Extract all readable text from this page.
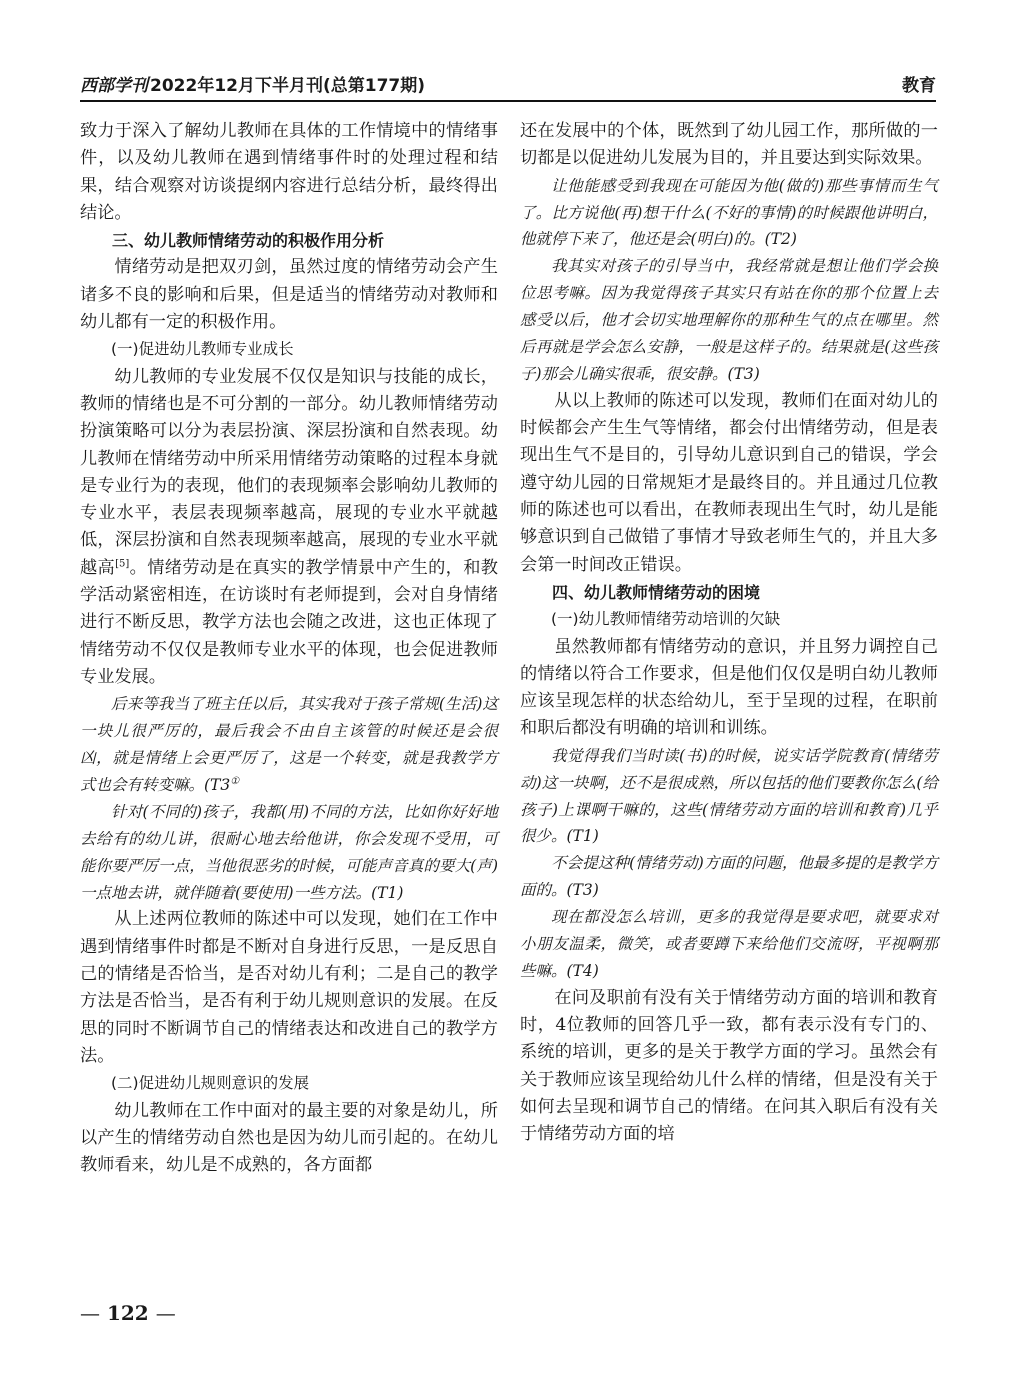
西部学刊 2022年12月下半月刊(总第177期)	教育

致力于深入了解幼儿教师在具体的工作情境中的情绪事件，以及幼儿教师在遇到情绪事件时的处理过程和结果，结合观察对访谈提纲内容进行总结分析，最终得出结论。

三、幼儿教师情绪劳动的积极作用分析

情绪劳动是把双刃剑，虽然过度的情绪劳动会产生诸多不良的影响和后果，但是适当的情绪劳动对教师和幼儿都有一定的积极作用。

(一)促进幼儿教师专业成长

幼儿教师的专业发展不仅仅是知识与技能的成长，教师的情绪也是不可分割的一部分。幼儿教师情绪劳动扮演策略可以分为表层扮演、深层扮演和自然表现。幼儿教师在情绪劳动中所采用情绪劳动策略的过程本身就是专业行为的表现，他们的表现频率会影响幼儿教师的专业水平，表层表现频率越高，展现的专业水平就越低，深层扮演和自然表现频率越高，展现的专业水平就越高[5]。情绪劳动是在真实的教学情景中产生的，和教学活动紧密相连，在访谈时有老师提到，会对自身情绪进行不断反思，教学方法也会随之改进，这也正体现了情绪劳动不仅仅是教师专业水平的体现，也会促进教师专业发展。

后来等我当了班主任以后，其实我对于孩子常规(生活)这一块儿很严厉的，最后我会不由自主该管的时候还是会很凶，就是情绪上会更严厉了，这是一个转变，就是我教学方式也会有转变嘛。(T3①

针对(不同的)孩子，我都(用)不同的方法，比如你好好地去给有的幼儿讲，很耐心地去给他讲，你会发现不受用，可能你要严厉一点，当他很恶劣的时候，可能声音真的要大(声)一点地去讲，就伴随着(要使用)一些方法。(T1)

从上述两位教师的陈述中可以发现，她们在工作中遇到情绪事件时都是不断对自身进行反思，一是反思自己的情绪是否恰当，是否对幼儿有利；二是自己的教学方法是否恰当，是否有利于幼儿规则意识的发展。在反思的同时不断调节自己的情绪表达和改进自己的教学方法。

(二)促进幼儿规则意识的发展

幼儿教师在工作中面对的最主要的对象是幼儿，所以产生的情绪劳动自然也是因为幼儿而引起的。在幼儿教师看来，幼儿是不成熟的，各方面都

还在发展中的个体，既然到了幼儿园工作，那所做的一切都是以促进幼儿发展为目的，并且要达到实际效果。

让他能感受到我现在可能因为他(做的)那些事情而生气了。比方说他(再)想干什么(不好的事情)的时候跟他讲明白，他就停下来了，他还是会(明白)的。(T2)

我其实对孩子的引导当中，我经常就是想让他们学会换位思考嘛。因为我觉得孩子其实只有站在你的那个位置上去感受以后，他才会切实地理解你的那种生气的点在哪里。然后再就是学会怎么安静，一般是这样子的。结果就是(这些孩子)那会儿确实很乖，很安静。(T3)

从以上教师的陈述可以发现，教师们在面对幼儿的时候都会产生生气等情绪，都会付出情绪劳动，但是表现出生气不是目的，引导幼儿意识到自己的错误，学会遵守幼儿园的日常规矩才是最终目的。并且通过几位教师的陈述也可以看出，在教师表现出生气时，幼儿是能够意识到自己做错了事情才导致老师生气的，并且大多会第一时间改正错误。

四、幼儿教师情绪劳动的困境

(一)幼儿教师情绪劳动培训的欠缺

虽然教师都有情绪劳动的意识，并且努力调控自己的情绪以符合工作要求，但是他们仅仅是明白幼儿教师应该呈现怎样的状态给幼儿，至于呈现的过程，在职前和职后都没有明确的培训和训练。

我觉得我们当时读(书)的时候，说实话学院教育(情绪劳动)这一块啊，还不是很成熟，所以包括的他们要教你怎么(给孩子)上课啊干嘛的，这些(情绪劳动方面的培训和教育)几乎很少。(T1)

不会提这种(情绪劳动)方面的问题，他最多提的是教学方面的。(T3)

现在都没怎么培训，更多的我觉得是要求吧，就要求对小朋友温柔，微笑，或者要蹲下来给他们交流呀，平视啊那些嘛。(T4)

在问及职前有没有关于情绪劳动方面的培训和教育时，4位教师的回答几乎一致，都有表示没有专门的、系统的培训，更多的是关于教学方面的学习。虽然会有关于教师应该呈现给幼儿什么样的情绪，但是没有关于如何去呈现和调节自己的情绪。在问其入职后有没有关于情绪劳动方面的培

— 122 —
